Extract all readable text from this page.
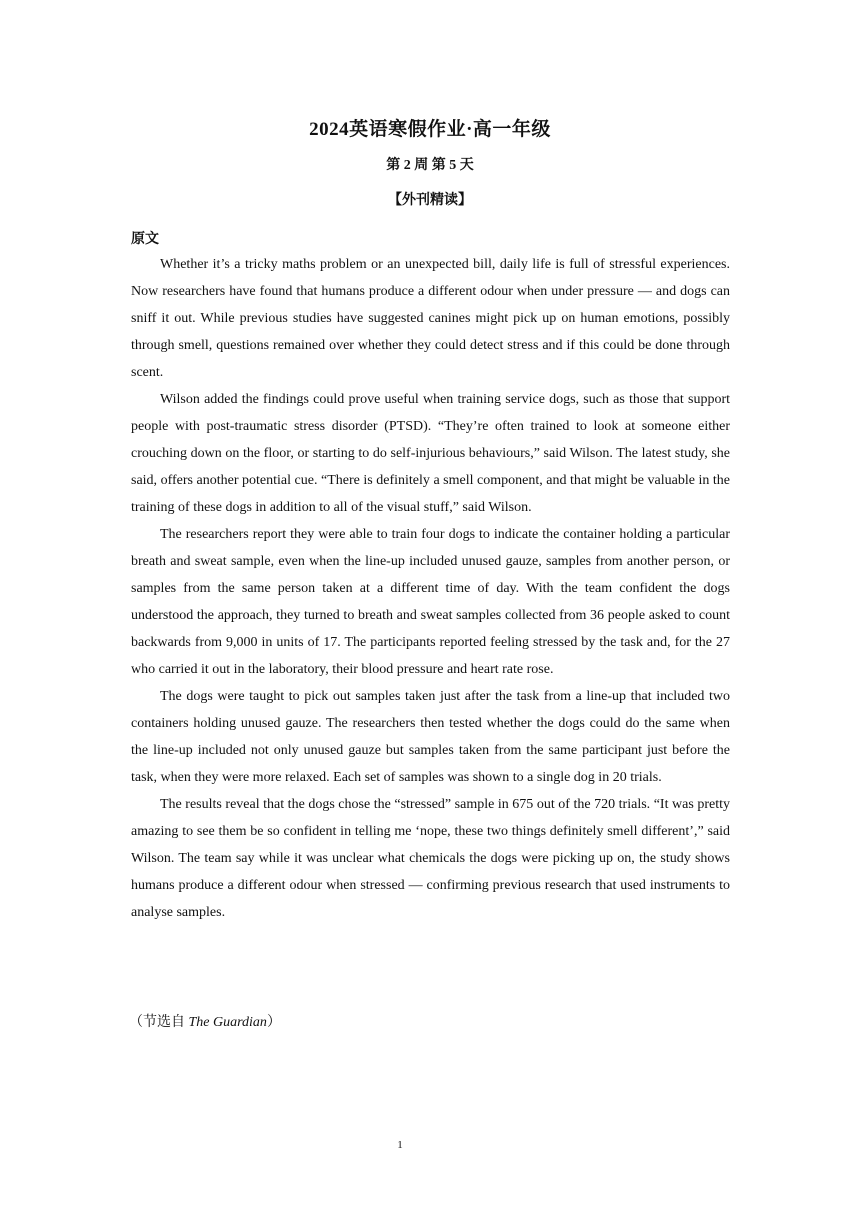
2024英语寒假作业·高一年级
第 2 周 第 5 天
【外刊精读】
原文

Whether it’s a tricky maths problem or an unexpected bill, daily life is full of stressful experiences. Now researchers have found that humans produce a different odour when under pressure — and dogs can sniff it out. While previous studies have suggested canines might pick up on human emotions, possibly through smell, questions remained over whether they could detect stress and if this could be done through scent.

Wilson added the findings could prove useful when training service dogs, such as those that support people with post-traumatic stress disorder (PTSD). “They’re often trained to look at someone either crouching down on the floor, or starting to do self-injurious behaviours,” said Wilson. The latest study, she said, offers another potential cue. “There is definitely a smell component, and that might be valuable in the training of these dogs in addition to all of the visual stuff,” said Wilson.

The researchers report they were able to train four dogs to indicate the container holding a particular breath and sweat sample, even when the line-up included unused gauze, samples from another person, or samples from the same person taken at a different time of day. With the team confident the dogs understood the approach, they turned to breath and sweat samples collected from 36 people asked to count backwards from 9,000 in units of 17. The participants reported feeling stressed by the task and, for the 27 who carried it out in the laboratory, their blood pressure and heart rate rose.

The dogs were taught to pick out samples taken just after the task from a line-up that included two containers holding unused gauze. The researchers then tested whether the dogs could do the same when the line-up included not only unused gauze but samples taken from the same participant just before the task, when they were more relaxed. Each set of samples was shown to a single dog in 20 trials.

The results reveal that the dogs chose the “stressed” sample in 675 out of the 720 trials. “It was pretty amazing to see them be so confident in telling me ‘nope, these two things definitely smell different’,” said Wilson. The team say while it was unclear what chemicals the dogs were picking up on, the study shows humans produce a different odour when stressed — confirming previous research that used instruments to analyse samples.

（节选自 The Guardian）
1
